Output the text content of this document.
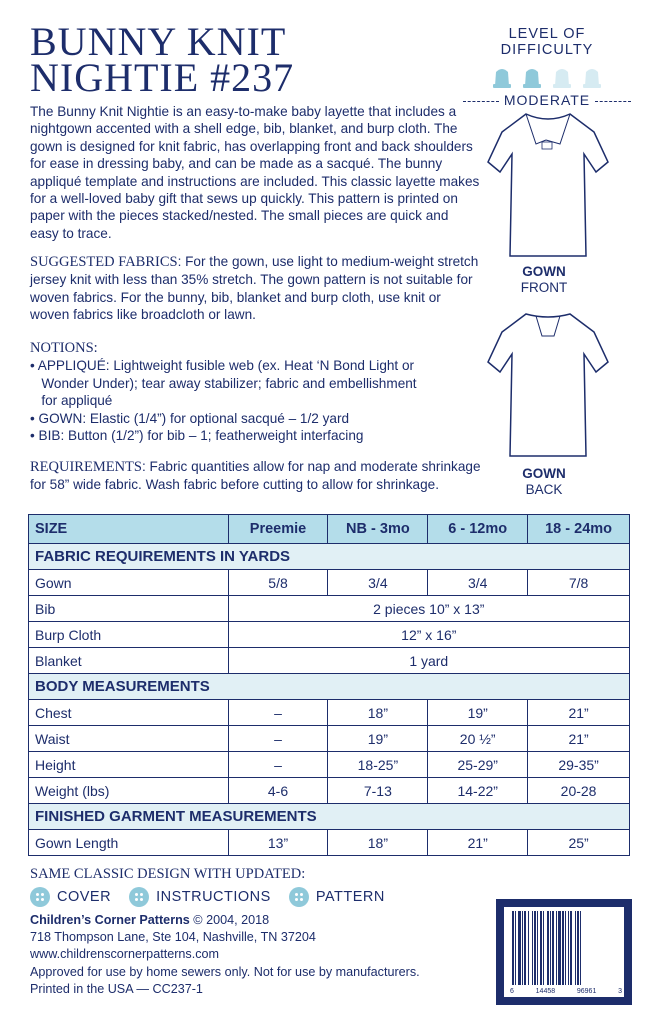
BUNNY KNIT
NIGHTIE #237
LEVEL OF DIFFICULTY
MODERATE
The Bunny Knit Nightie is an easy-to-make baby layette that includes a nightgown accented with a shell edge, bib, blanket, and burp cloth. The gown is designed for knit fabric, has overlapping front and back shoulders for ease in dressing baby, and can be made as a sacqué. The bunny appliqué template and instructions are included. This classic layette makes for a well-loved baby gift that sews up quickly. This pattern is printed on paper with the pieces stacked/nested. The small pieces are quick and easy to trace.
SUGGESTED FABRICS: For the gown, use light to medium-weight stretch jersey knit with less than 35% stretch. The gown pattern is not suitable for woven fabrics. For the bunny, bib, blanket and burp cloth, use knit or woven fabrics like broadcloth or lawn.
NOTIONS:
• APPLIQUÉ: Lightweight fusible web (ex. Heat ‘N Bond Light or
Wonder Under); tear away stabilizer; fabric and embellishment
for appliqué
• GOWN: Elastic (1/4”) for optional sacqué – 1/2 yard
• BIB: Button (1/2”) for bib – 1; featherweight interfacing
REQUIREMENTS: Fabric quantities allow for nap and moderate shrinkage for 58” wide fabric. Wash fabric before cutting to allow for shrinkage.
GOWN
FRONT
GOWN
BACK
SIZE	Preemie	NB - 3mo	6 - 12mo	18 - 24mo
FABRIC REQUIREMENTS IN YARDS				
Gown	5/8	3/4	3/4	7/8
Bib	2 pieces 10” x 13”			
Burp Cloth	12” x 16”			
Blanket	1 yard			
BODY MEASUREMENTS				
Chest	–	18”	19”	21”
Waist	–	19”	20 ½”	21”
Height	–	18-25”	25-29”	29-35”
Weight (lbs)	4-6	7-13	14-22”	20-28
FINISHED GARMENT MEASUREMENTS				
Gown Length	13”	18”	21”	25”
SAME CLASSIC DESIGN WITH UPDATED:
COVER	INSTRUCTIONS	PATTERN
Children’s Corner Patterns © 2004, 2018
718 Thompson Lane, Ste 104, Nashville, TN 37204
www.childrenscornerpatterns.com
Approved for use by home sewers only. Not for use by manufacturers.
Printed in the USA — CC237-1	6	14458	96961	3
